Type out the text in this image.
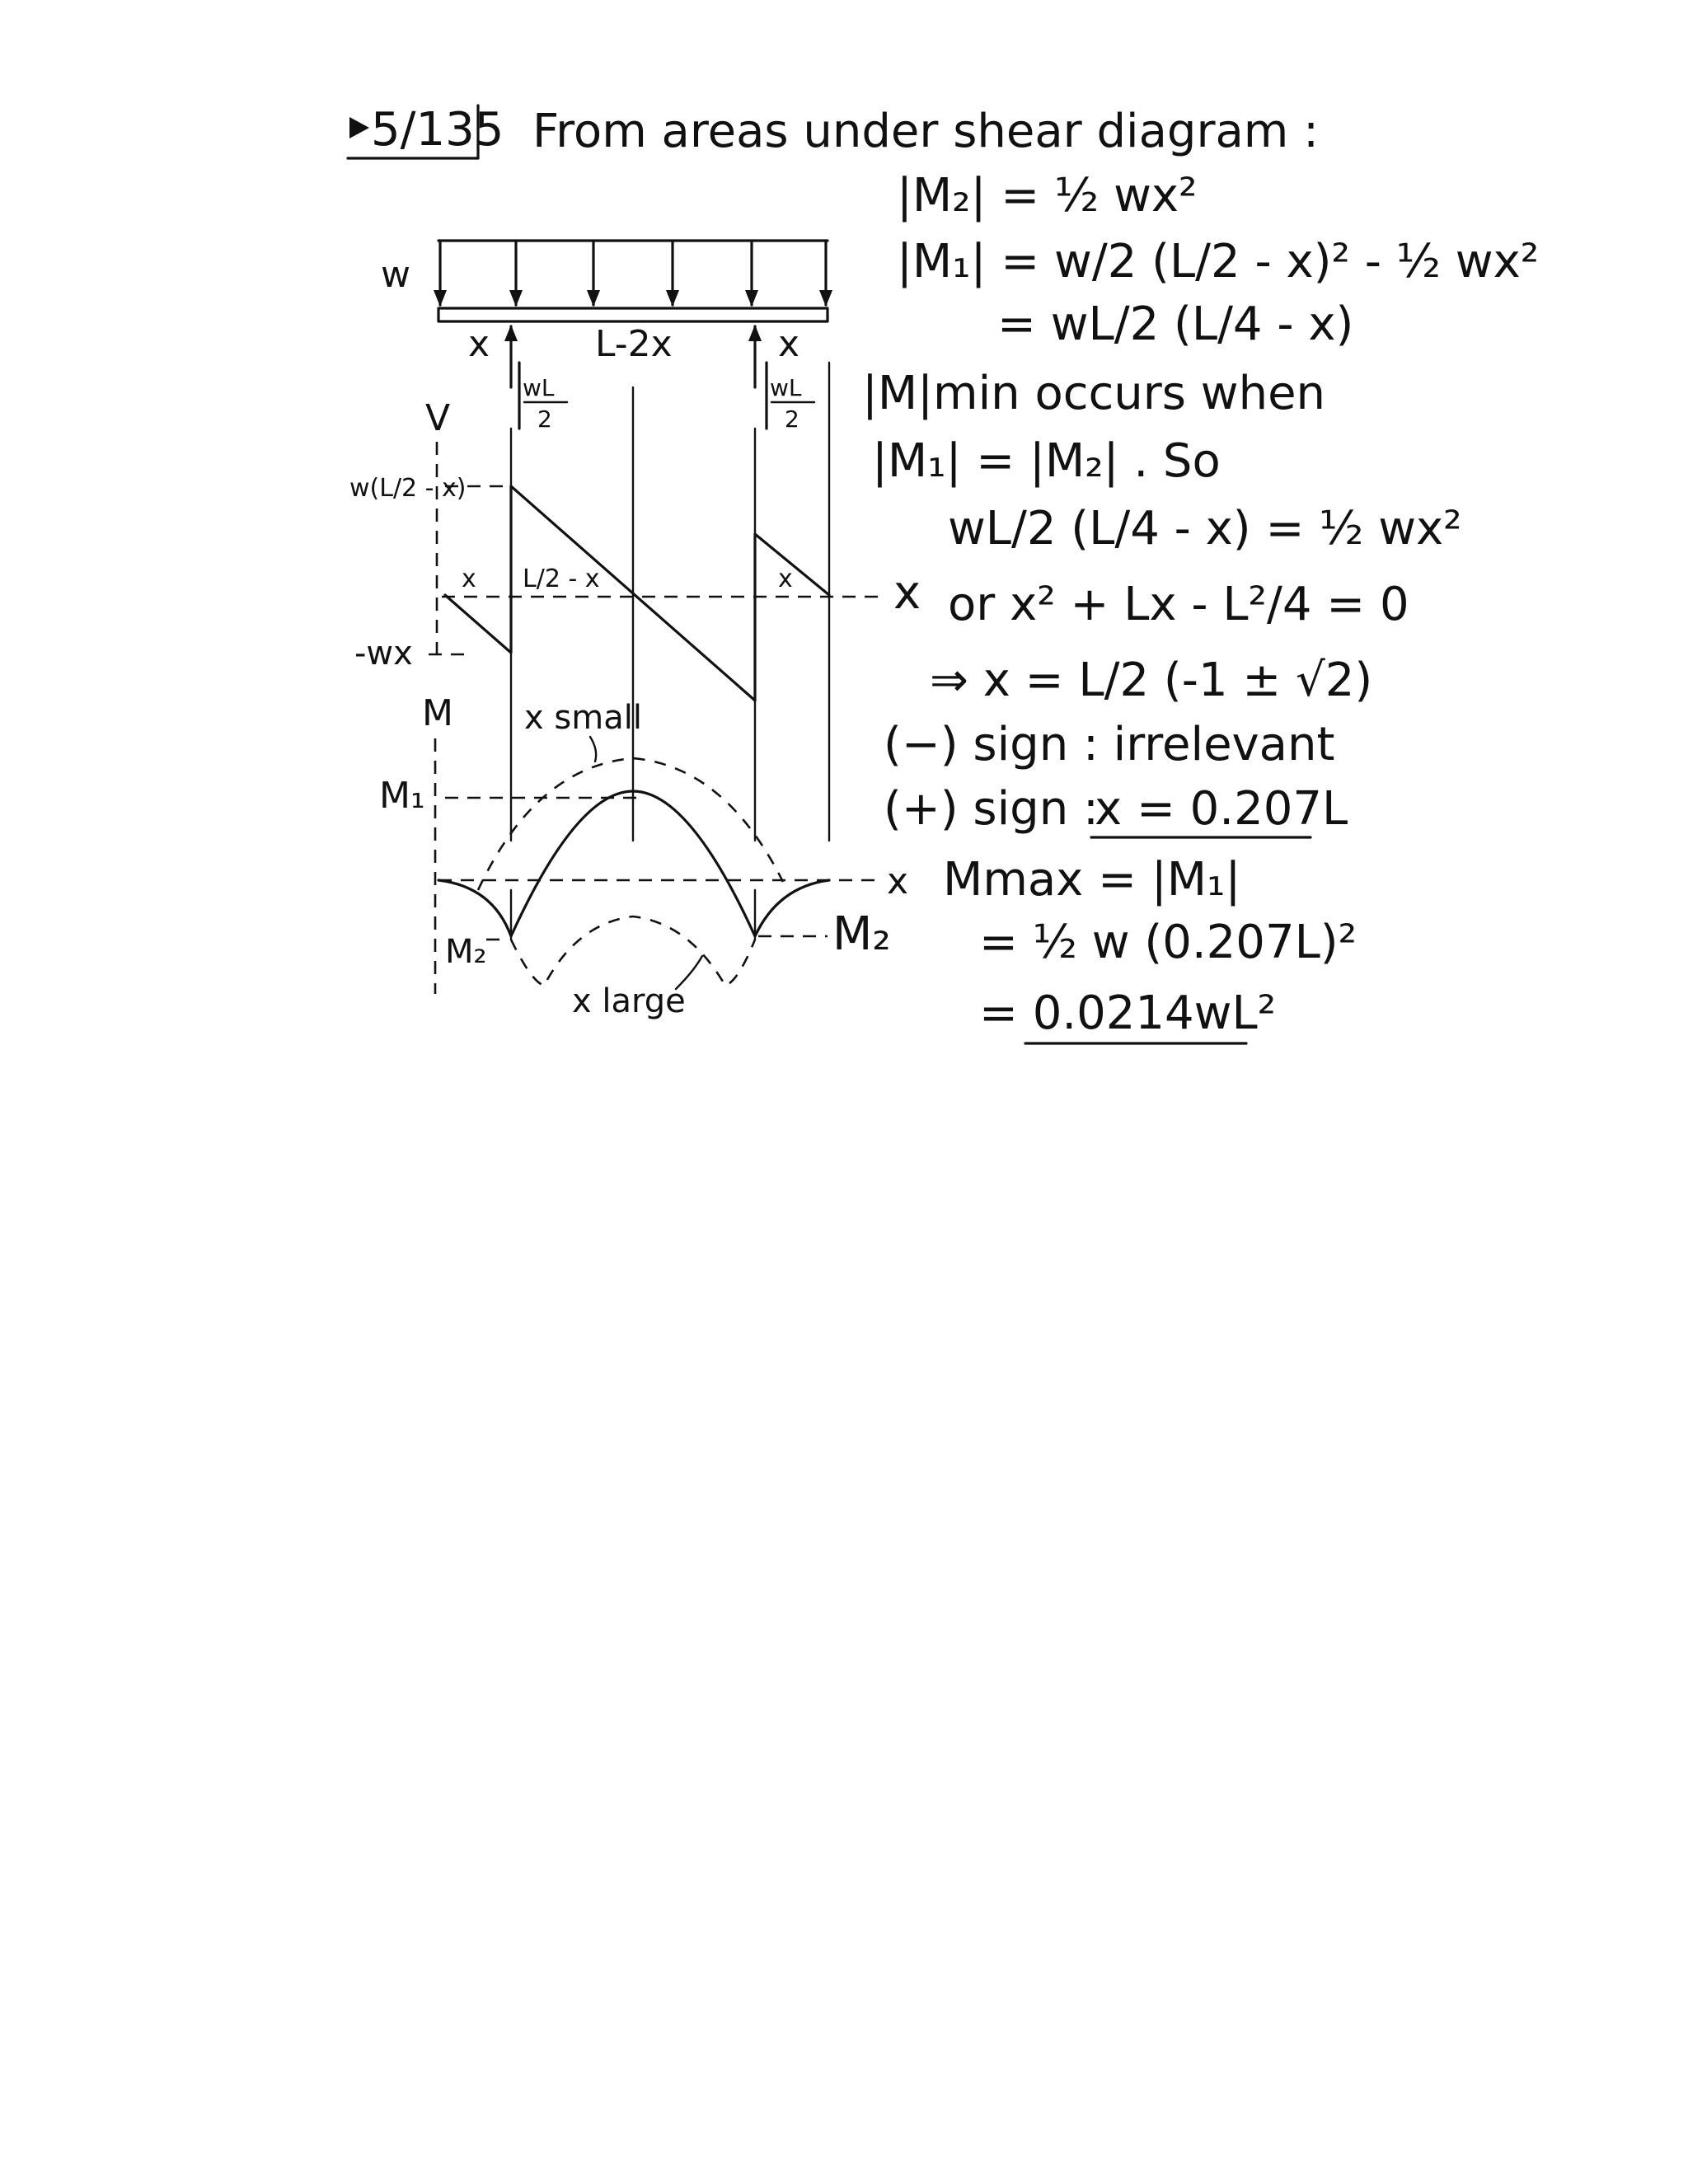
5/135 From areas under shear diagram :
w
x	L-2x	x
wL
2
wL
2
V
w(L/2 - x)
-wx
x
x L/2 - x	x
M
M₁
x
x small
x large
M₂	M₂
|M₂| = ½ wx²
|M₁| = w/2 (L/2 - x)² - ½ wx²
= wL/2 (L/4 - x)
|M|min occurs when
|M₁| = |M₂| . So
wL/2 (L/4 - x) = ½ wx²
or x² + Lx - L²/4 = 0
⇒ x = L/2 (-1 ± √2)
(−) sign : irrelevant
(+) sign :
x = 0.207L
Mmax = |M₁|
= ½ w (0.207L)²
= 0.0214wL²
